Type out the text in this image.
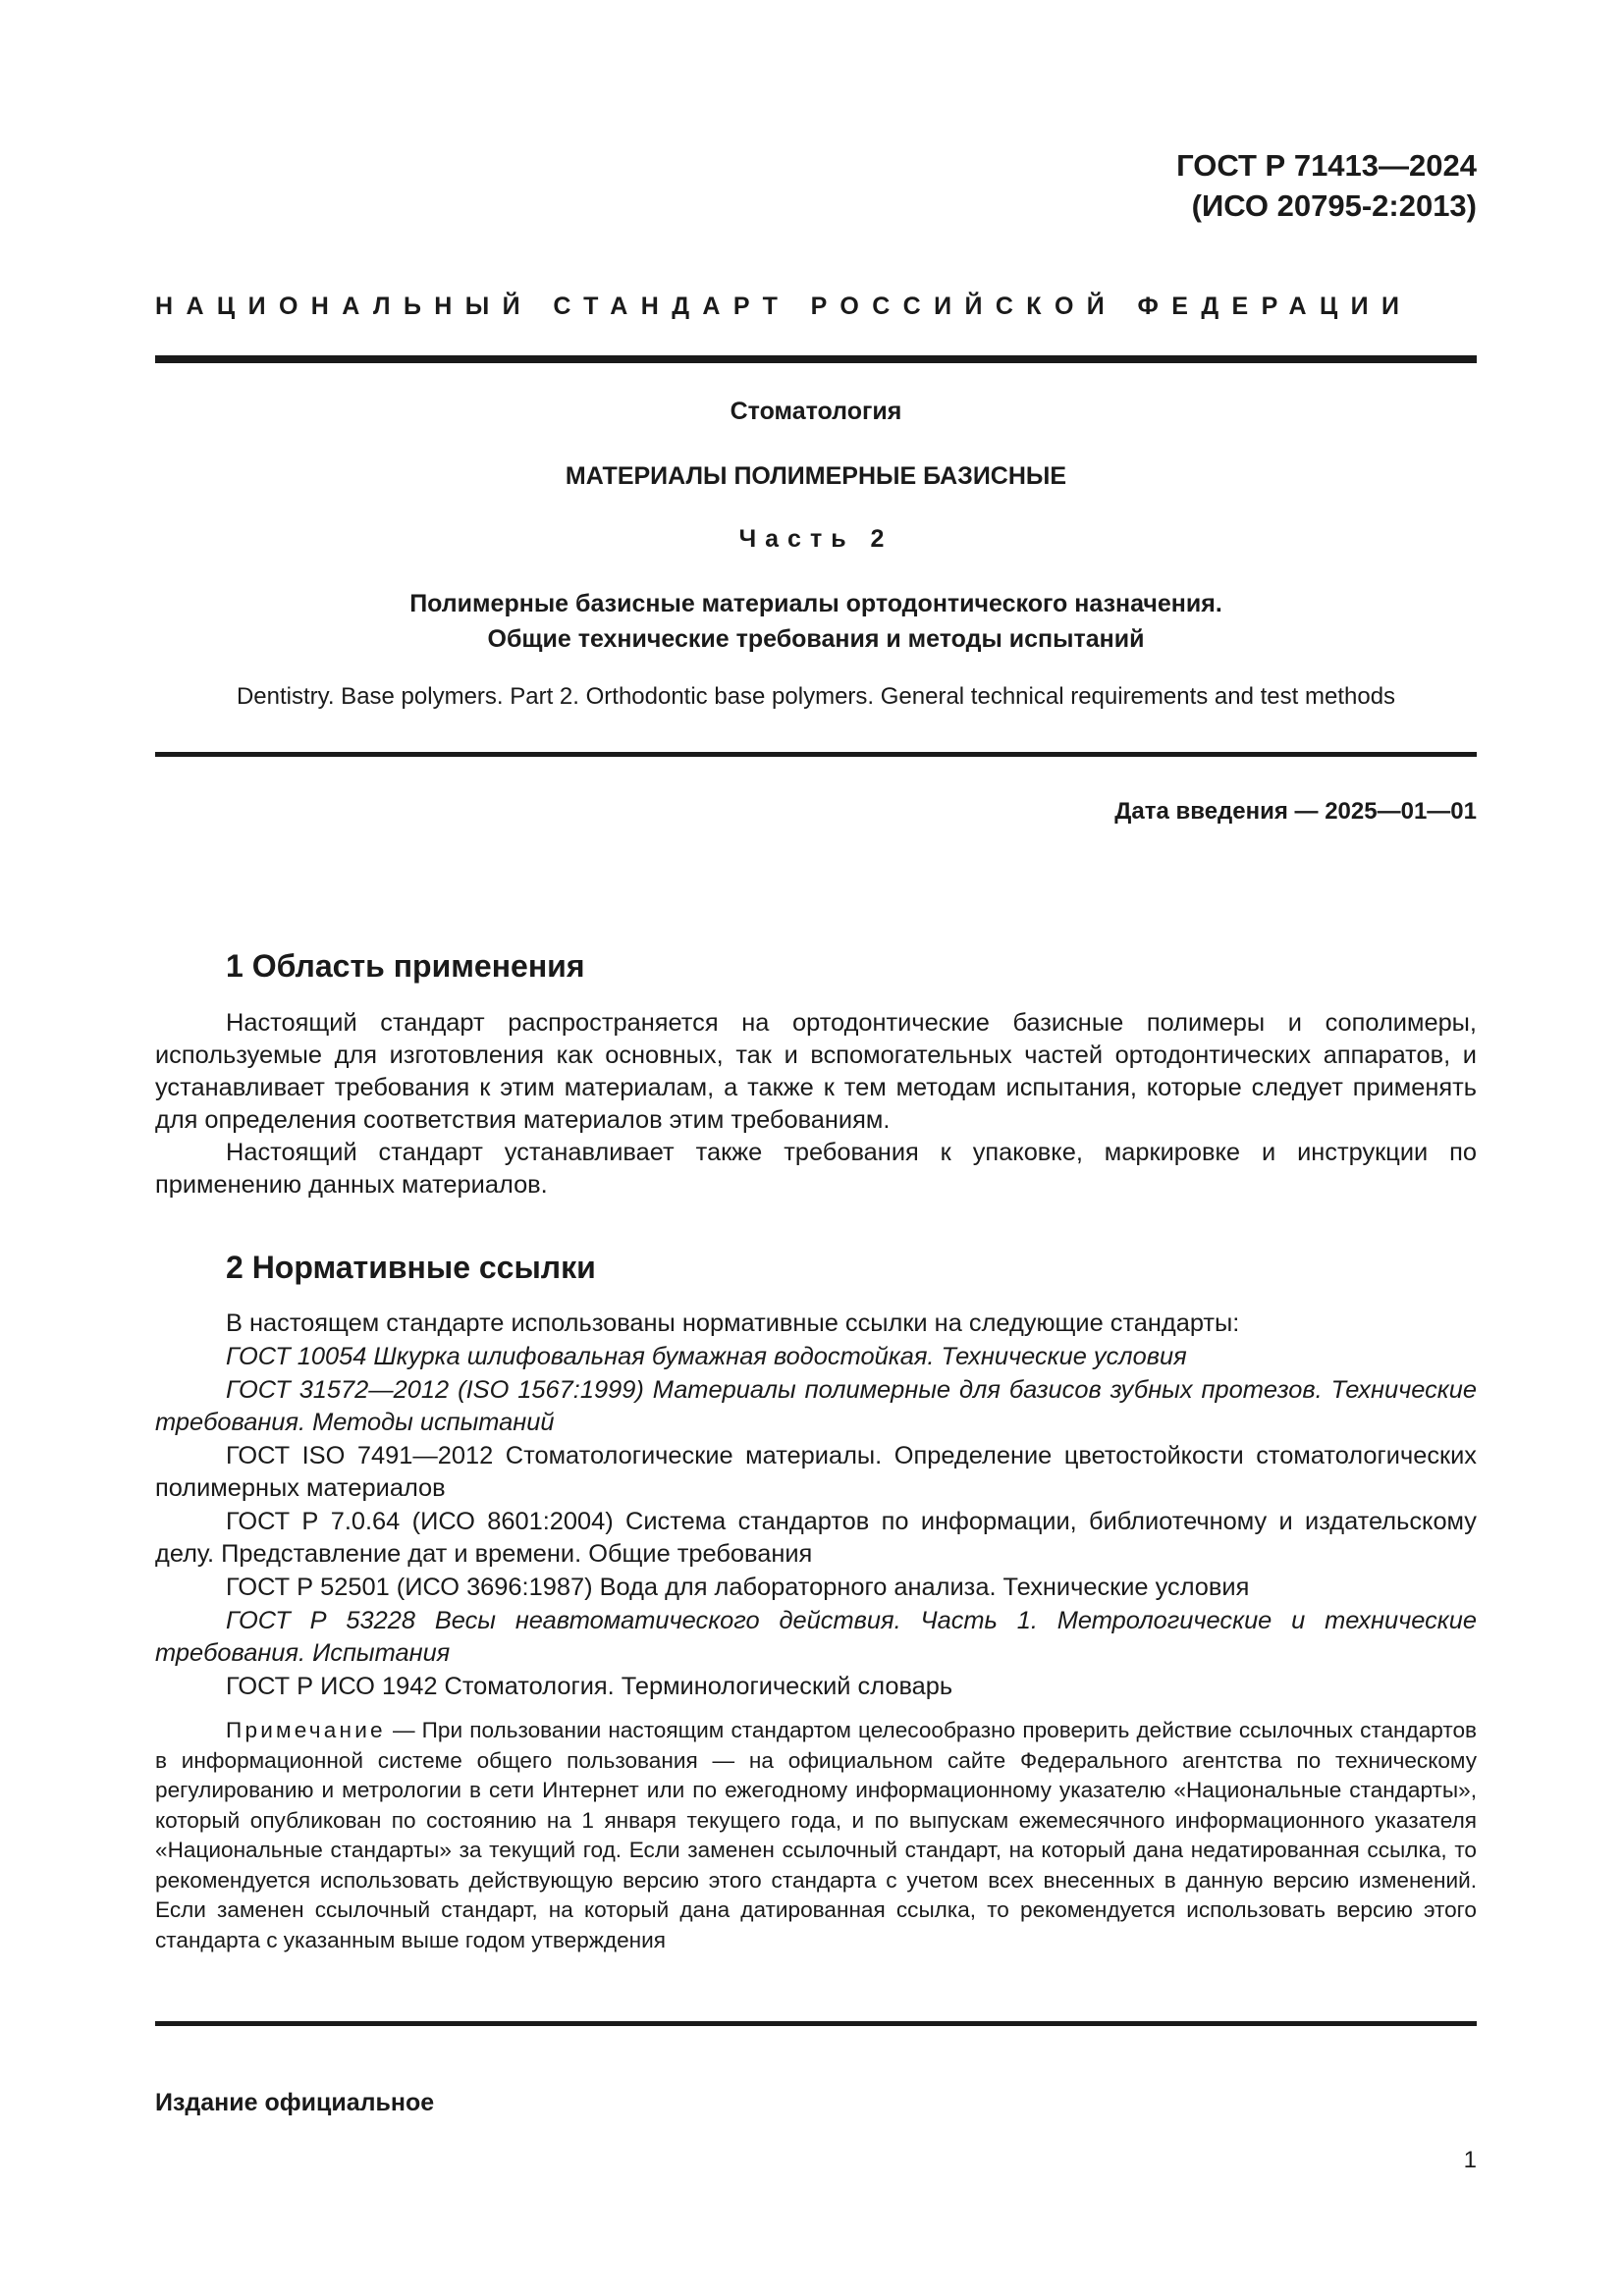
ГОСТ Р 71413—2024
(ИСО 20795-2:2013)
НАЦИОНАЛЬНЫЙ СТАНДАРТ РОССИЙСКОЙ ФЕДЕРАЦИИ
Стоматология
МАТЕРИАЛЫ ПОЛИМЕРНЫЕ БАЗИСНЫЕ
Часть 2
Полимерные базисные материалы ортодонтического назначения.
Общие технические требования и методы испытаний
Dentistry. Base polymers. Part 2. Orthodontic base polymers. General technical requirements and test methods
Дата введения — 2025—01—01
1 Область применения
Настоящий стандарт распространяется на ортодонтические базисные полимеры и сополимеры, используемые для изготовления как основных, так и вспомогательных частей ортодонтических аппаратов, и устанавливает требования к этим материалам, а также к тем методам испытания, которые следует применять для определения соответствия материалов этим требованиям.
Настоящий стандарт устанавливает также требования к упаковке, маркировке и инструкции по применению данных материалов.
2 Нормативные ссылки
В настоящем стандарте использованы нормативные ссылки на следующие стандарты:
ГОСТ 10054 Шкурка шлифовальная бумажная водостойкая. Технические условия
ГОСТ 31572—2012 (ISO 1567:1999) Материалы полимерные для базисов зубных протезов. Технические требования. Методы испытаний
ГОСТ ISO 7491—2012 Стоматологические материалы. Определение цветостойкости стоматологических полимерных материалов
ГОСТ Р 7.0.64 (ИСО 8601:2004) Система стандартов по информации, библиотечному и издательскому делу. Представление дат и времени. Общие требования
ГОСТ Р 52501 (ИСО 3696:1987) Вода для лабораторного анализа. Технические условия
ГОСТ Р 53228 Весы неавтоматического действия. Часть 1. Метрологические и технические требования. Испытания
ГОСТ Р ИСО 1942 Стоматология. Терминологический словарь
Примечание — При пользовании настоящим стандартом целесообразно проверить действие ссылочных стандартов в информационной системе общего пользования — на официальном сайте Федерального агентства по техническому регулированию и метрологии в сети Интернет или по ежегодному информационному указателю «Национальные стандарты», который опубликован по состоянию на 1 января текущего года, и по выпускам ежемесячного информационного указателя «Национальные стандарты» за текущий год. Если заменен ссылочный стандарт, на который дана недатированная ссылка, то рекомендуется использовать действующую версию этого стандарта с учетом всех внесенных в данную версию изменений. Если заменен ссылочный стандарт, на который дана датированная ссылка, то рекомендуется использовать версию этого стандарта с указанным выше годом утверждения
Издание официальное
1
